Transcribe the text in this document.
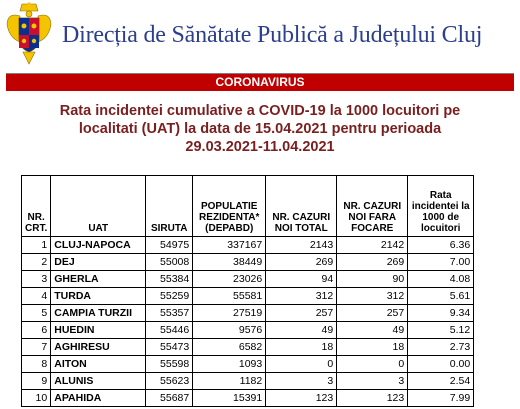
Direcția de Sănătate Publică a Județului Cluj
CORONAVIRUS
Rata incidentei cumulative a COVID-19 la 1000 locuitori pe
localitati (UAT) la data de 15.04.2021 pentru perioada
29.03.2021-11.04.2021
NR. CRT.	UAT	SIRUTA	POPULATIE REZIDENTA* (DEPABD)	NR. CAZURI NOI TOTAL	NR. CAZURI NOI FARA FOCARE	Rata incidentei la 1000 de locuitori
1	CLUJ-NAPOCA	54975	337167	2143	2142	6.36
2	DEJ	55008	38449	269	269	7.00
3	GHERLA	55384	23026	94	90	4.08
4	TURDA	55259	55581	312	312	5.61
5	CAMPIA TURZII	55357	27519	257	257	9.34
6	HUEDIN	55446	9576	49	49	5.12
7	AGHIRESU	55473	6582	18	18	2.73
8	AITON	55598	1093	0	0	0.00
9	ALUNIS	55623	1182	3	3	2.54
10	APAHIDA	55687	15391	123	123	7.99
